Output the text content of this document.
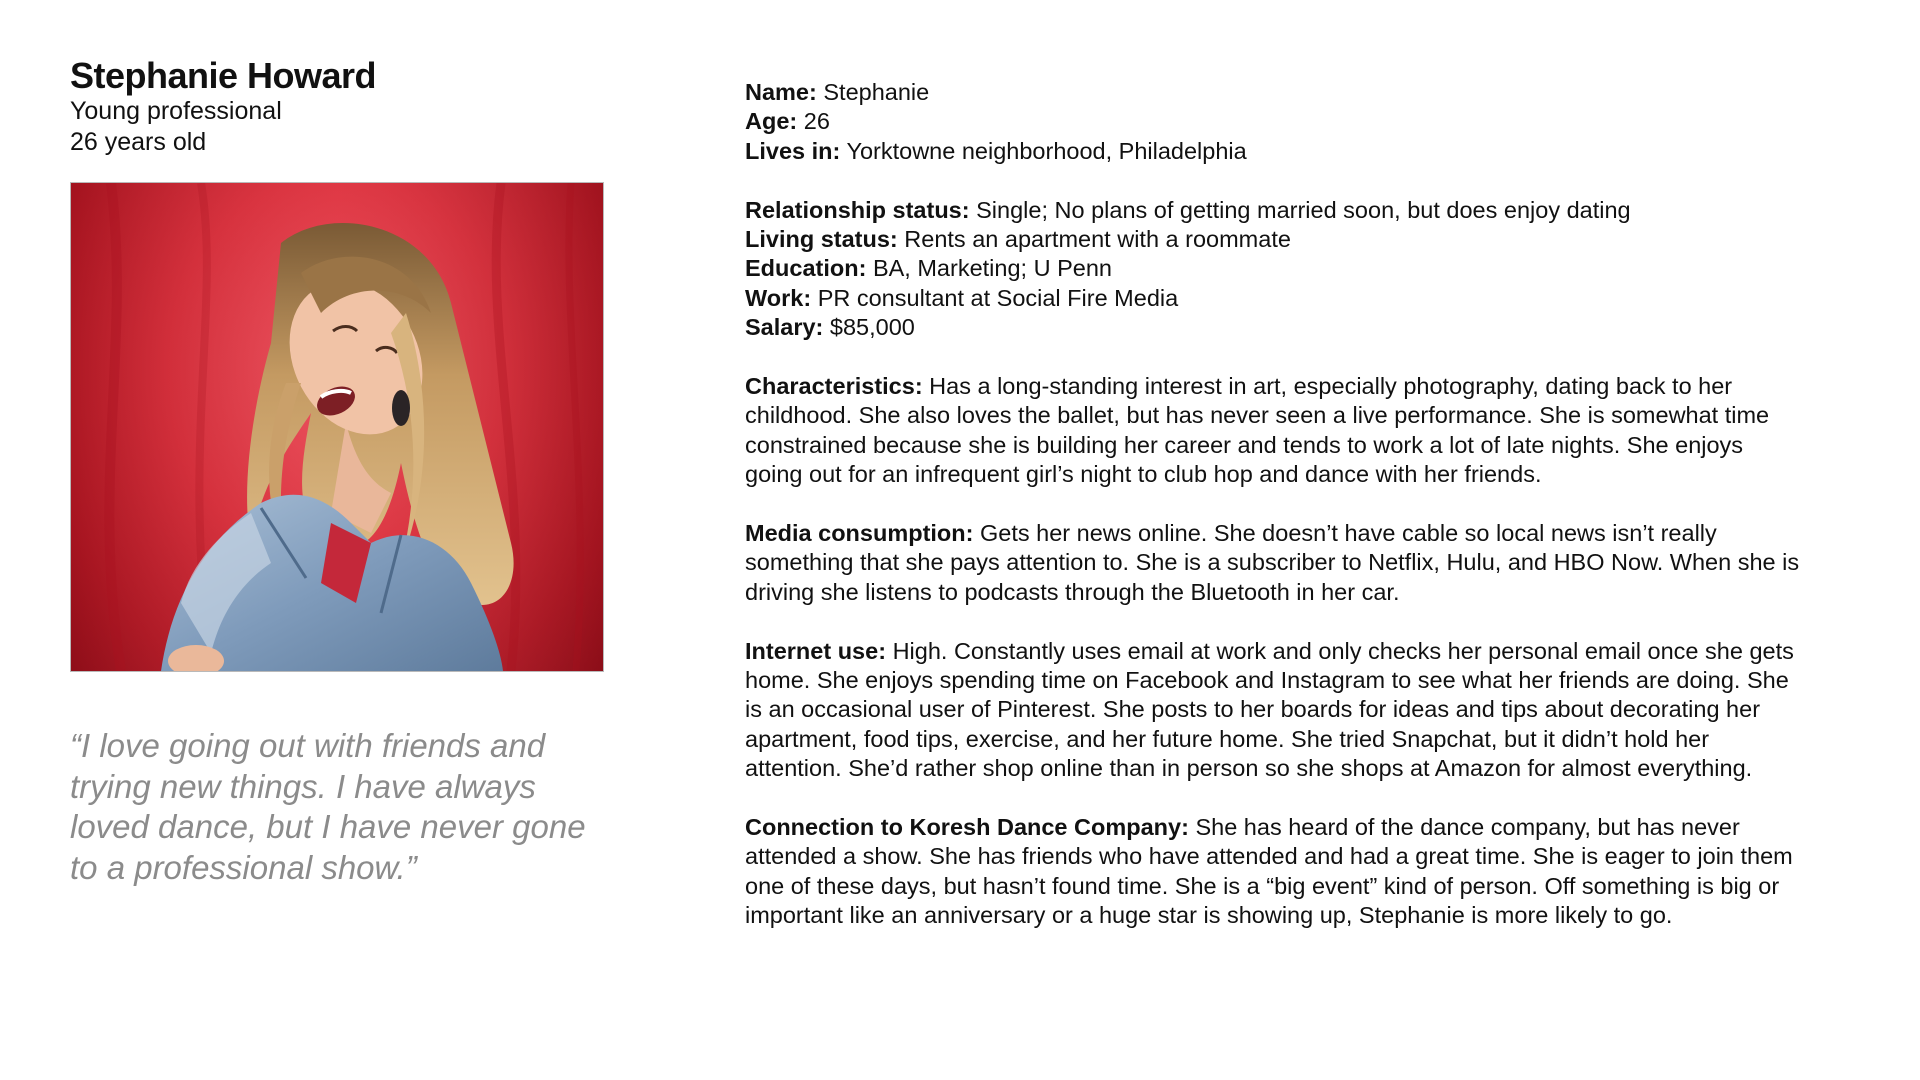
Stephanie Howard

Young professional

26 years old

“I love going out with friends and trying new things. I have always loved dance, but I have never gone to a professional show.”

Name: Stephanie

Age: 26

Lives in: Yorktowne neighborhood, Philadelphia

Relationship status: Single; No plans of getting married soon, but does enjoy dating

Living status: Rents an apartment with a roommate

Education: BA, Marketing; U Penn

Work: PR consultant at Social Fire Media

Salary: $85,000

Characteristics: Has a long-standing interest in art, especially photography, dating back to her childhood. She also loves the ballet, but has never seen a live performance. She is somewhat time constrained because she is building her career and tends to work a lot of late nights. She enjoys going out for an infrequent girl’s night to club hop and dance with her friends.

Media consumption: Gets her news online. She doesn’t have cable so local news isn’t really something that she pays attention to. She is a subscriber to Netflix, Hulu, and HBO Now. When she is driving she listens to podcasts through the Bluetooth in her car.

Internet use: High. Constantly uses email at work and only checks her personal email once she gets home. She enjoys spending time on Facebook and Instagram to see what her friends are doing. She is an occasional user of Pinterest. She posts to her boards for ideas and tips about decorating her apartment, food tips, exercise, and her future home. She tried Snapchat, but it didn’t hold her attention. She’d rather shop online than in person so she shops at Amazon for almost everything.

Connection to Koresh Dance Company: She has heard of the dance company, but has never attended a show. She has friends who have attended and had a great time. She is eager to join them one of these days, but hasn’t found time. She is a “big event” kind of person. Off something is big or important like an anniversary or a huge star is showing up, Stephanie is more likely to go.
